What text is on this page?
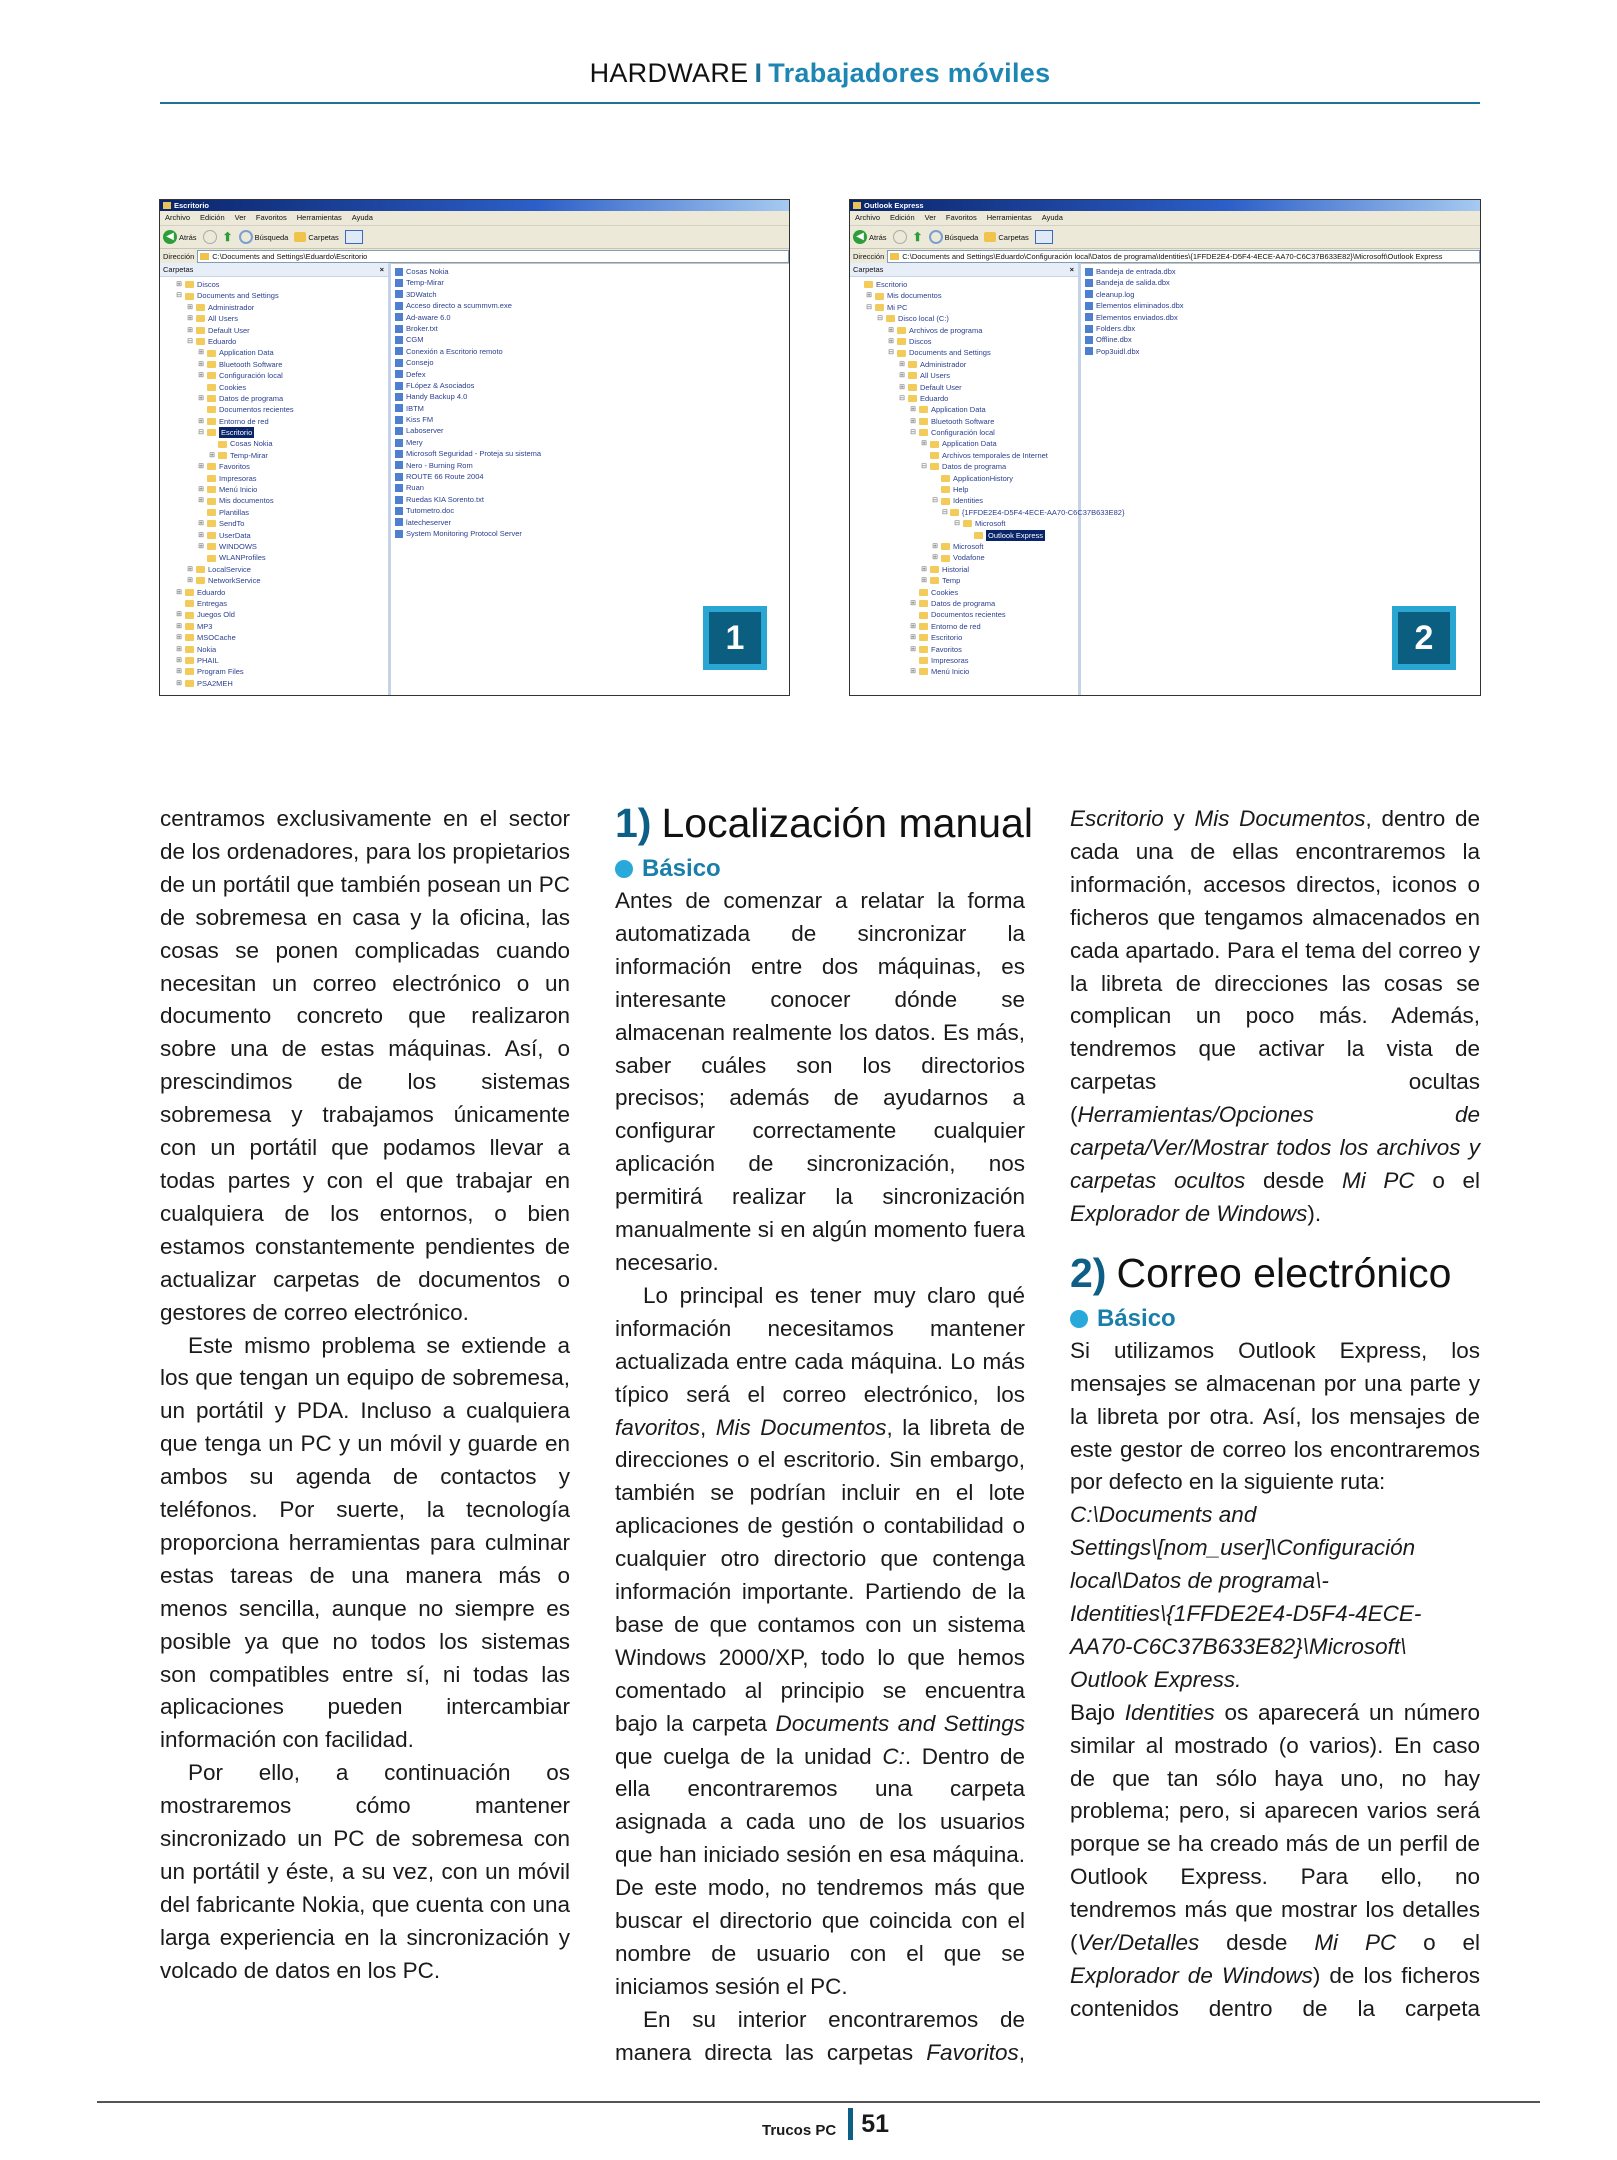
HARDWARE I Trabajadores móviles
Escritorio
Archivo Edición Ver Favoritos Herramientas Ayuda
◀ Atrás ⬆	Búsqueda	Carpetas
Dirección	C:\Documents and Settings\Eduardo\Escritorio
Carpetas	×
⊞ Discos
⊟ Documents and Settings
⊞ Administrador
⊞ All Users
⊞ Default User
⊟ Eduardo
⊞ Application Data
⊞ Bluetooth Software
⊞ Configuración local
Cookies
⊞ Datos de programa
Documentos recientes
⊞ Entorno de red
⊟ Escritorio
Cosas Nokia
⊞ Temp-Mirar
⊞ Favoritos
Impresoras
⊞ Menú Inicio
⊞ Mis documentos
Plantillas
⊞ SendTo
⊞ UserData
⊞ WINDOWS
WLANProfiles
⊞ LocalService
⊞ NetworkService
⊞ Eduardo
Entregas
⊞ Juegos Old
⊞ MP3
⊞ MSOCache
⊞ Nokia
⊞ PHAIL
⊞ Program Files
⊞ PSA2MEH
Cosas Nokia
Temp-Mirar
3DWatch
Acceso directo a scummvm.exe
Ad-aware 6.0
Broker.txt
CGM
Conexión a Escritorio remoto
Consejo
Defex
FLópez & Asociados
Handy Backup 4.0
IBTM
Kiss FM
Laboserver
Mery
Microsoft Seguridad - Proteja su sistema
Nero - Burning Rom
ROUTE 66 Route 2004
Ruan
Ruedas KIA Sorento.txt
Tutometro.doc
latecheserver
System Monitoring Protocol Server
1
Outlook Express
Archivo Edición Ver Favoritos Herramientas Ayuda
◀ Atrás ⬆	Búsqueda	Carpetas
Dirección	C:\Documents and Settings\Eduardo\Configuración local\Datos de programa\Identities\{1FFDE2E4-D5F4-4ECE-AA70-C6C37B633E82}\Microsoft\Outlook Express
Carpetas	×
Escritorio
⊞ Mis documentos
⊟ Mi PC
⊟ Disco local (C:)
⊞ Archivos de programa
⊞ Discos
⊟ Documents and Settings
⊞ Administrador
⊞ All Users
⊞ Default User
⊟ Eduardo
⊞ Application Data
⊞ Bluetooth Software
⊟ Configuración local
⊞ Application Data
Archivos temporales de Internet
⊟ Datos de programa
ApplicationHistory
Help
⊟ Identities
⊟ {1FFDE2E4-D5F4-4ECE-AA70-C6C37B633E82}
⊟ Microsoft
Outlook Express
⊞ Microsoft
⊞ Vodafone
⊞ Historial
⊞ Temp
Cookies
⊞ Datos de programa
Documentos recientes
⊞ Entorno de red
⊞ Escritorio
⊞ Favoritos
Impresoras
⊞ Menú Inicio
Bandeja de entrada.dbx
Bandeja de salida.dbx
cleanup.log
Elementos eliminados.dbx
Elementos enviados.dbx
Folders.dbx
Offline.dbx
Pop3uidl.dbx
2

centramos exclusivamente en el sector de los ordenadores, para los propietarios de un portátil que también posean un PC de sobremesa en casa y la oficina, las cosas se ponen complicadas cuando necesitan un correo electrónico o un documento concreto que realizaron sobre una de estas máquinas. Así, o prescindimos de los sistemas sobremesa y trabajamos únicamente con un portátil que podamos llevar a todas partes y con el que trabajar en cualquiera de los entornos, o bien estamos constantemente pendientes de actualizar carpetas de documentos o gestores de correo electrónico.

Este mismo problema se extiende a los que tengan un equipo de sobremesa, un portátil y PDA. Incluso a cualquiera que tenga un PC y un móvil y guarde en ambos su agenda de contactos y teléfonos. Por suerte, la tecnología proporciona herramientas para culminar estas tareas de una manera más o menos sencilla, aunque no siempre es posible ya que no todos los sistemas son compatibles entre sí, ni todas las aplicaciones pueden intercambiar información con facilidad.

Por ello, a continuación os mostraremos cómo mantener sincronizado un PC de sobremesa con un portátil y éste, a su vez, con un móvil del fabricante Nokia, que cuenta con una larga experiencia en la sincronización y volcado de datos en los PC.

1) Localización manual
Básico

Antes de comenzar a relatar la forma automatizada de sincronizar la información entre dos máquinas, es interesante conocer dónde se almacenan realmente los datos. Es más, saber cuáles son los directorios precisos; además de ayudarnos a configurar correctamente cualquier aplicación de sincronización, nos permitirá realizar la sincronización manualmente si en algún momento fuera necesario.

Lo principal es tener muy claro qué información necesitamos mantener actualizada entre cada máquina. Lo más típico será el correo electrónico, los favoritos, Mis Documentos, la libreta de direcciones o el escritorio. Sin embargo, también se podrían incluir en el lote aplicaciones de gestión o contabilidad o cualquier otro directorio que contenga información importante. Partiendo de la base de que contamos con un sistema Windows 2000/XP, todo lo que hemos comentado al principio se encuentra bajo la carpeta Documents and Settings que cuelga de la unidad C:. Dentro de ella encontraremos una carpeta asignada a cada uno de los usuarios que han iniciado sesión en esa máquina. De este modo, no tendremos más que buscar el directorio que coincida con el nombre de usuario con el que se iniciamos sesión el PC.

En su interior encontraremos de manera directa las carpetas Favoritos,

Escritorio y Mis Documentos, dentro de cada una de ellas encontraremos la información, accesos directos, iconos o ficheros que tengamos almacenados en cada apartado. Para el tema del correo y la libreta de direcciones las cosas se complican un poco más. Además, tendremos que activar la vista de carpetas ocultas (Herramientas/Opciones de carpeta/Ver/Mostrar todos los archivos y carpetas ocultos desde Mi PC o el Explorador de Windows).

2) Correo electrónico
Básico

Si utilizamos Outlook Express, los mensajes se almacenan por una parte y la libreta por otra. Así, los mensajes de este gestor de correo los encontraremos por defecto en la siguiente ruta:

C:\Documents and
Settings\[nom_user]\Configuración
local\Datos de programa\-
Identities\{1FFDE2E4-D5F4-4ECE-
AA70-C6C37B633E82}\Microsoft\
Outlook Express.

Bajo Identities os aparecerá un número similar al mostrado (o varios). En caso de que tan sólo haya uno, no hay problema; pero, si aparecen varios será porque se ha creado más de un perfil de Outlook Express. Para ello, no tendremos más que mostrar los detalles (Ver/Detalles desde Mi PC o el Explorador de Windows) de los ficheros contenidos dentro de la carpeta

Trucos PC 51
